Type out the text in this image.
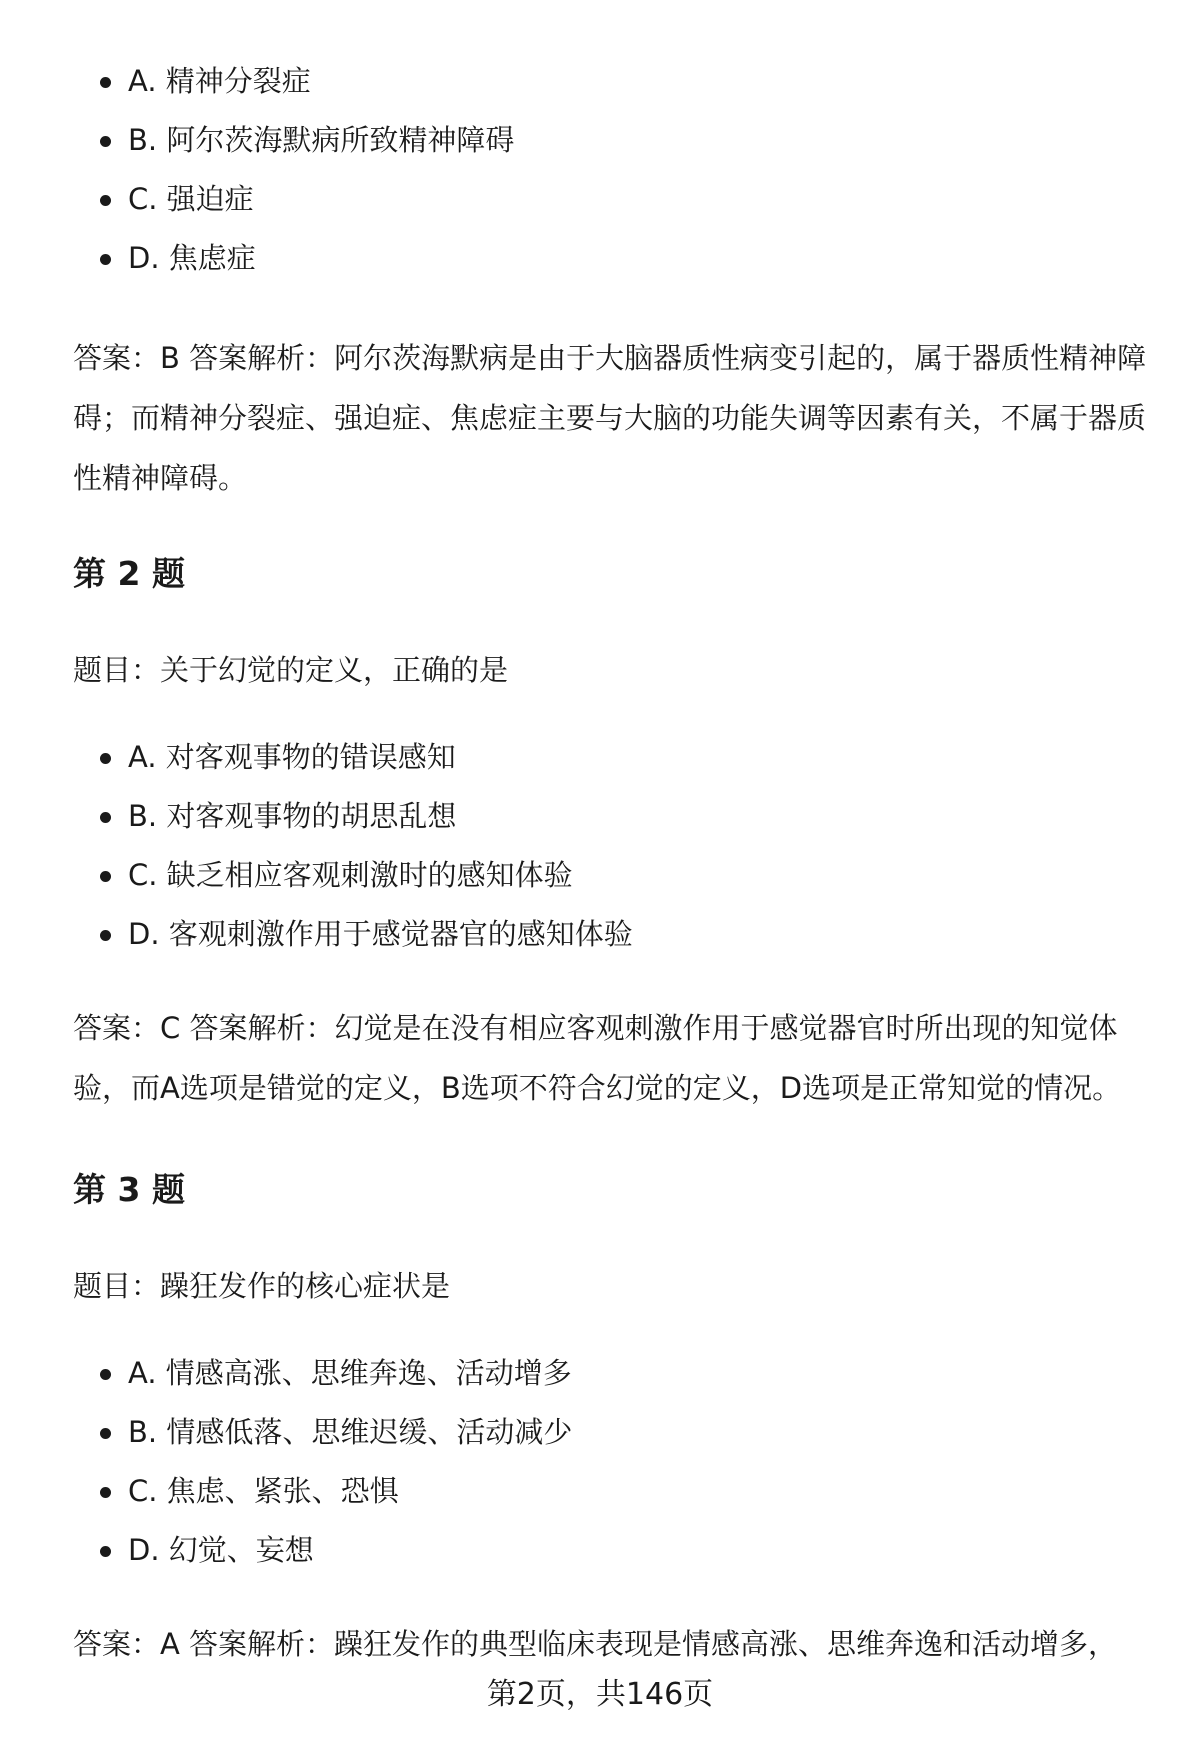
A. 精神分裂症
B. 阿尔茨海默病所致精神障碍
C. 强迫症
D. 焦虑症

答案：B 答案解析：阿尔茨海默病是由于大脑器质性病变引起的，属于器质性精神障碍；而精神分裂症、强迫症、焦虑症主要与大脑的功能失调等因素有关，不属于器质性精神障碍。

第 2 题

题目：关于幻觉的定义，正确的是

A. 对客观事物的错误感知
B. 对客观事物的胡思乱想
C. 缺乏相应客观刺激时的感知体验
D. 客观刺激作用于感觉器官的感知体验

答案：C 答案解析：幻觉是在没有相应客观刺激作用于感觉器官时所出现的知觉体验，而A选项是错觉的定义，B选项不符合幻觉的定义，D选项是正常知觉的情况。

第 3 题

题目：躁狂发作的核心症状是

A. 情感高涨、思维奔逸、活动增多
B. 情感低落、思维迟缓、活动减少
C. 焦虑、紧张、恐惧
D. 幻觉、妄想

答案：A 答案解析：躁狂发作的典型临床表现是情感高涨、思维奔逸和活动增多，

第2页，共146页
